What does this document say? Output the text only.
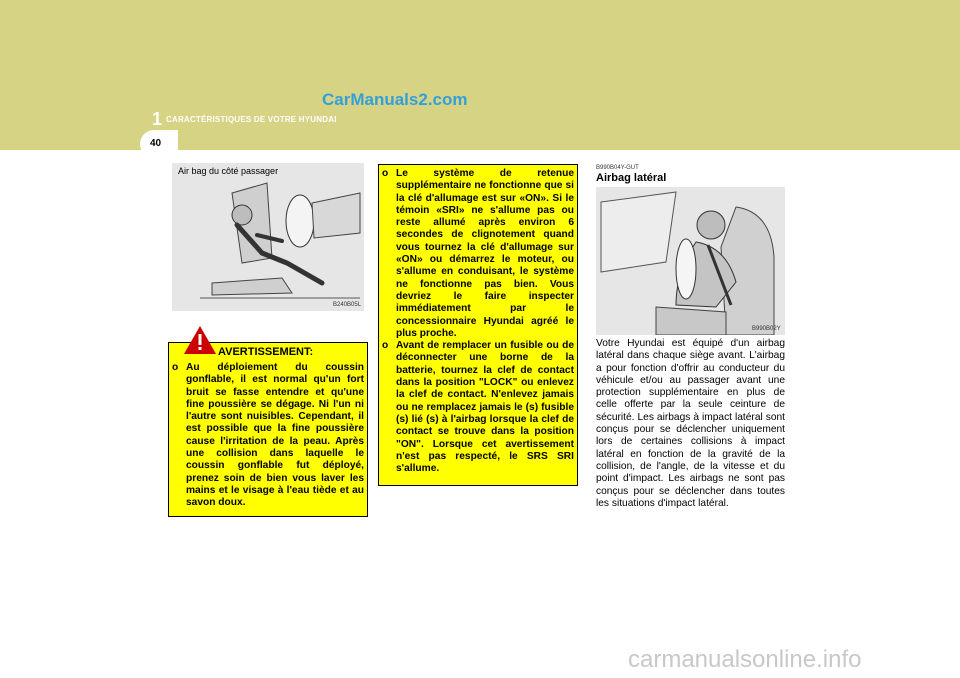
CarManuals2.com
1 CARACTÉRISTIQUES DE VOTRE HYUNDAI
40
Air bag du côté passager
B240B05L
AVERTISSEMENT:
o Au déploiement du coussin gonflable, il est normal qu'un fort bruit se fasse entendre et qu'une fine poussière se dégage. Ni l'un ni l'autre sont nuisibles. Cependant, il est possible que la fine poussière cause l'irritation de la peau. Après une collision dans laquelle le coussin gonflable fut déployé, prenez soin de bien vous laver les mains et le visage à l'eau tiède et au savon doux.
o Le système de retenue supplémentaire ne fonctionne que si la clé d'allumage est sur «ON». Si le témoin «SRI» ne s'allume pas ou reste allumé après environ 6 secondes de clignotement quand vous tournez la clé d'allumage sur «ON» ou démarrez le moteur, ou s'allume en conduisant, le système ne fonctionne pas bien. Vous devriez le faire inspecter immédiatement par le concessionnaire Hyundai agréé le plus proche.
o Avant de remplacer un fusible ou de déconnecter une borne de la batterie, tournez la clef de contact dans la position "LOCK" ou enlevez la clef de contact. N'enlevez jamais ou ne remplacez jamais le (s) fusible (s) lié (s) à l'airbag lorsque la clef de contact se trouve dans la position "ON". Lorsque cet avertissement n'est pas respecté, le SRS SRI s'allume.
B990B04Y-GUT
Airbag latéral
B990B02Y
Votre Hyundai est équipé d'un airbag latéral dans chaque siège avant. L'airbag a pour fonction d'offrir au conducteur du véhicule et/ou au passager avant une protection supplémentaire en plus de celle offerte par la seule ceinture de sécurité. Les airbags à impact latéral sont conçus pour se déclencher uniquement lors de certaines collisions à impact latéral en fonction de la gravité de la collision, de l'angle, de la vitesse et du point d'impact. Les airbags ne sont pas conçus pour se déclencher dans toutes les situations d'impact latéral.
carmanualsonline.info
